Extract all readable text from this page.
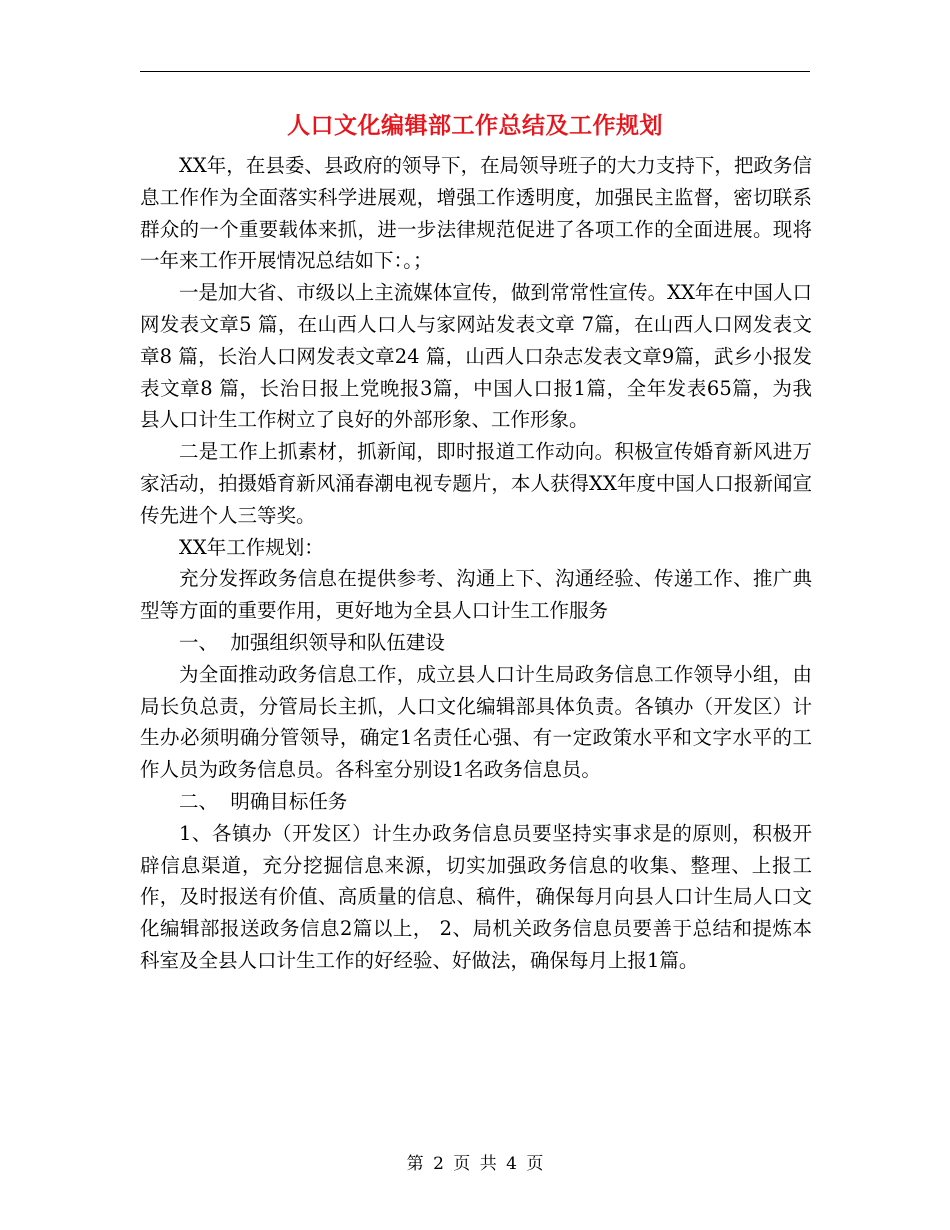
人口文化编辑部工作总结及工作规划

XX年，在县委、县政府的领导下，在局领导班子的大力支持下，把政务信息工作作为全面落实科学进展观，增强工作透明度，加强民主监督，密切联系群众的一个重要载体来抓，进一步法律规范促进了各项工作的全面进展。现将一年来工作开展情况总结如下：。；

一是加大省、市级以上主流媒体宣传，做到常常性宣传。XX年在中国人口网发表文章5 篇，在山西人口人与家网站发表文章 7篇，在山西人口网发表文章8 篇，长治人口网发表文章24 篇，山西人口杂志发表文章9篇，武乡小报发表文章8 篇，长治日报上党晚报3篇，中国人口报1篇，全年发表65篇，为我县人口计生工作树立了良好的外部形象、工作形象。

二是工作上抓素材，抓新闻，即时报道工作动向。积极宣传婚育新风进万家活动，拍摄婚育新风涌春潮电视专题片，本人获得XX年度中国人口报新闻宣传先进个人三等奖。

XX年工作规划：

充分发挥政务信息在提供参考、沟通上下、沟通经验、传递工作、推广典型等方面的重要作用，更好地为全县人口计生工作服务

一、  加强组织领导和队伍建设

为全面推动政务信息工作，成立县人口计生局政务信息工作领导小组，由局长负总责，分管局长主抓，人口文化编辑部具体负责。各镇办（开发区）计生办必须明确分管领导，确定1名责任心强、有一定政策水平和文字水平的工作人员为政务信息员。各科室分别设1名政务信息员。

二、  明确目标任务

1、各镇办（开发区）计生办政务信息员要坚持实事求是的原则，积极开辟信息渠道，充分挖掘信息来源，切实加强政务信息的收集、整理、上报工作，及时报送有价值、高质量的信息、稿件，确保每月向县人口计生局人口文化编辑部报送政务信息2篇以上， 2、局机关政务信息员要善于总结和提炼本科室及全县人口计生工作的好经验、好做法，确保每月上报1篇。

第 2 页 共 4 页
